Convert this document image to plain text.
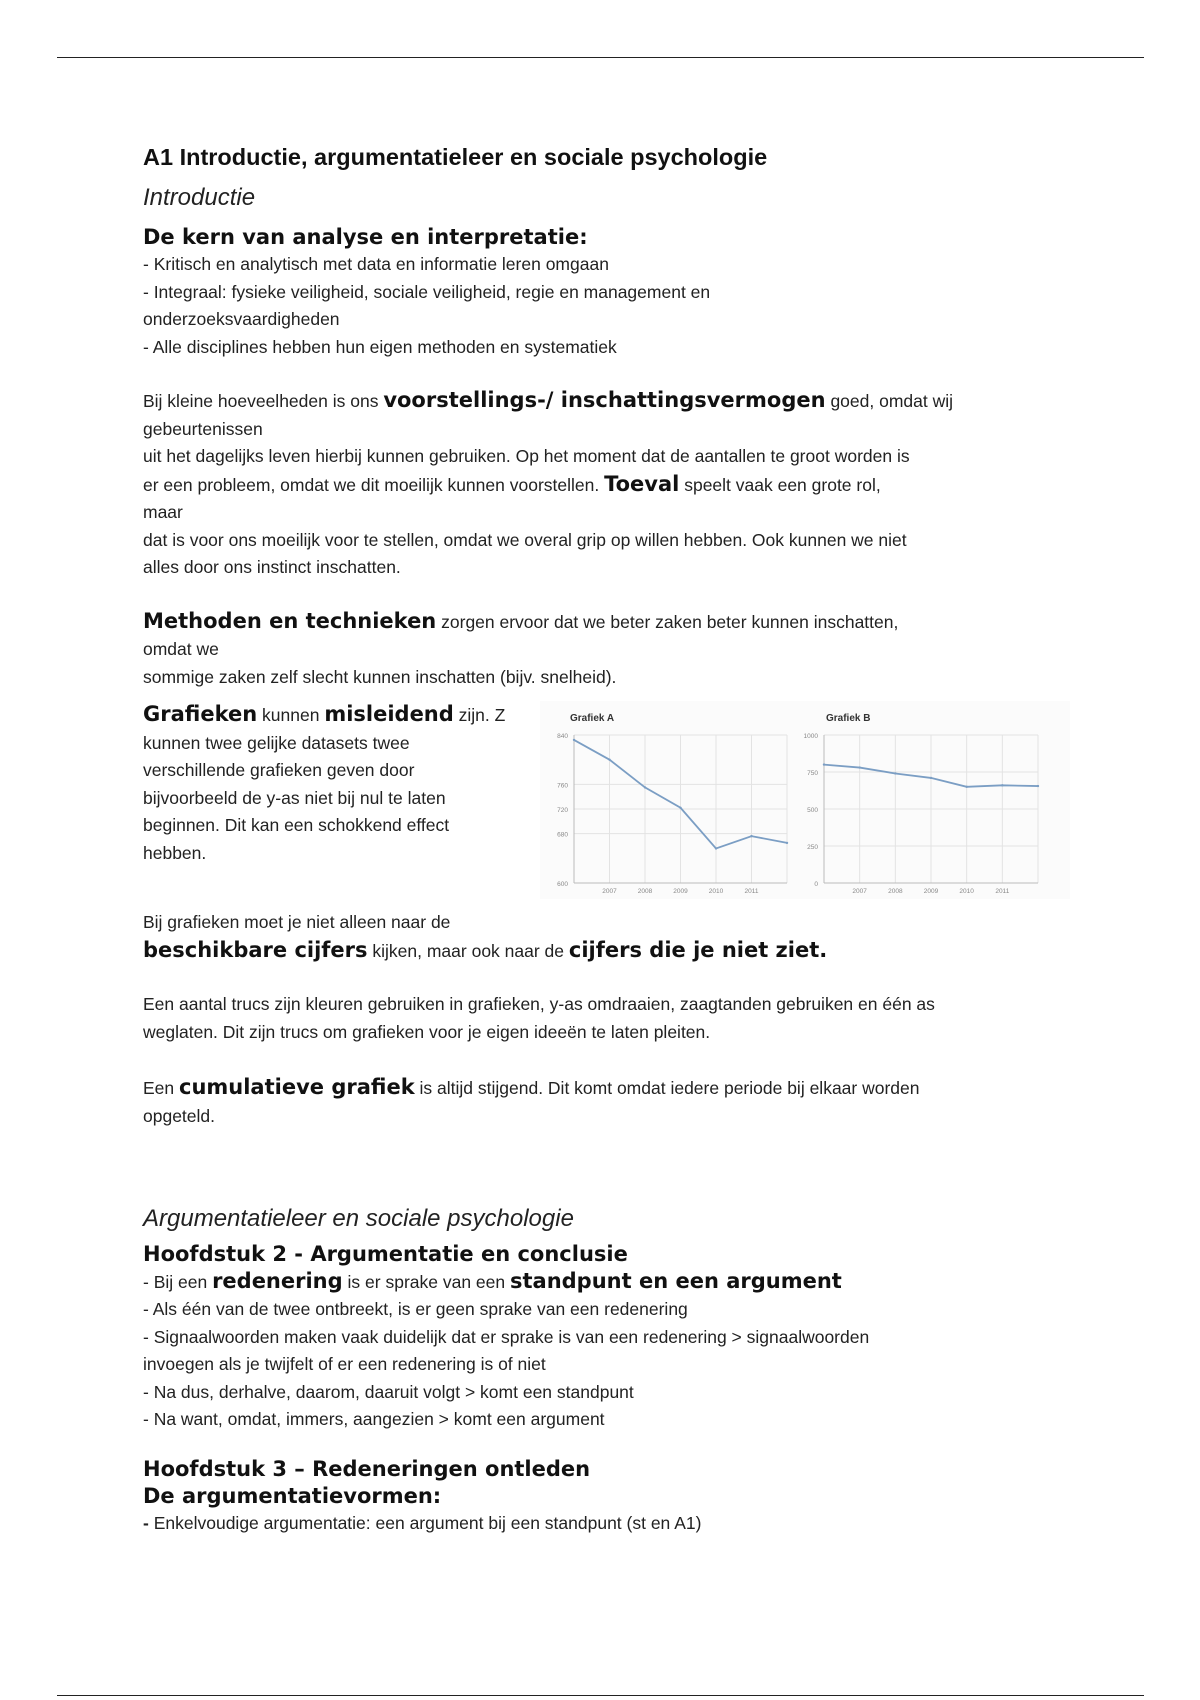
A1 Introductie, argumentatieleer en sociale psychologie

Introductie

De kern van analyse en interpretatie:

- Kritisch en analytisch met data en informatie leren omgaan

- Integraal: fysieke veiligheid, sociale veiligheid, regie en management en

onderzoeksvaardigheden

- Alle disciplines hebben hun eigen methoden en systematiek

Bij kleine hoeveelheden is ons voorstellings-/ inschattingsvermogen goed, omdat wij

gebeurtenissen

uit het dagelijks leven hierbij kunnen gebruiken. Op het moment dat de aantallen te groot worden is

er een probleem, omdat we dit moeilijk kunnen voorstellen. Toeval speelt vaak een grote rol,

maar

dat is voor ons moeilijk voor te stellen, omdat we overal grip op willen hebben. Ook kunnen we niet

alles door ons instinct inschatten.

Methoden en technieken zorgen ervoor dat we beter zaken beter kunnen inschatten,

omdat we

sommige zaken zelf slecht kunnen inschatten (bijv. snelheid).

Grafieken kunnen misleidend zijn. Z

kunnen twee gelijke datasets twee

verschillende grafieken geven door

bijvoorbeeld de y-as niet bij nul te laten

beginnen. Dit kan een schokkend effect

hebben.

Grafiek A
600
680
720
760
840
2007	2008	2009	2010	2011
Grafiek B
0
250
500
750
1000
2007	2008	2009	2010	2011

Bij grafieken moet je niet alleen naar de

beschikbare cijfers kijken, maar ook naar de cijfers die je niet ziet.

Een aantal trucs zijn kleuren gebruiken in grafieken, y-as omdraaien, zaagtanden gebruiken en één as

weglaten. Dit zijn trucs om grafieken voor je eigen ideeën te laten pleiten.

Een cumulatieve grafiek is altijd stijgend. Dit komt omdat iedere periode bij elkaar worden

opgeteld.

Argumentatieleer en sociale psychologie

Hoofdstuk 2 - Argumentatie en conclusie

- Bij een redenering is er sprake van een standpunt en een argument

- Als één van de twee ontbreekt, is er geen sprake van een redenering

- Signaalwoorden maken vaak duidelijk dat er sprake is van een redenering > signaalwoorden

invoegen als je twijfelt of er een redenering is of niet

- Na dus, derhalve, daarom, daaruit volgt > komt een standpunt

- Na want, omdat, immers, aangezien > komt een argument

Hoofdstuk 3 – Redeneringen ontleden

De argumentatievormen:

- Enkelvoudige argumentatie: een argument bij een standpunt (st en A1)
